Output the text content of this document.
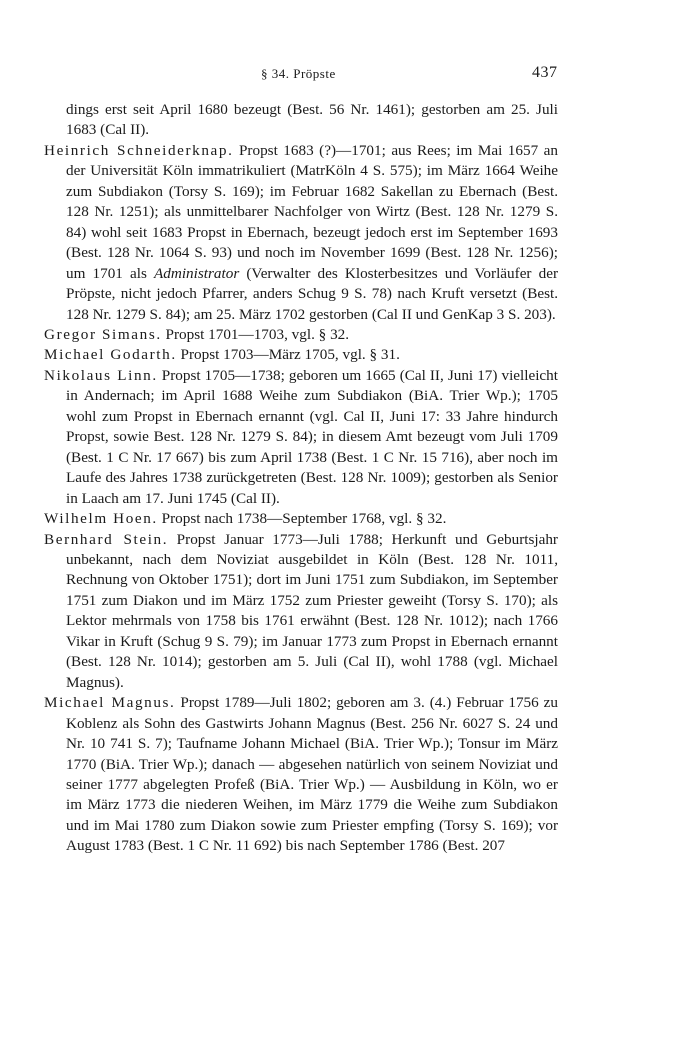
§ 34. Pröpste	437

dings erst seit April 1680 bezeugt (Best. 56 Nr. 1461); gestorben am 25. Juli 1683 (Cal II).

Heinrich Schneiderknap. Propst 1683 (?)—1701; aus Rees; im Mai 1657 an der Universität Köln immatrikuliert (MatrKöln 4 S. 575); im März 1664 Weihe zum Subdiakon (Torsy S. 169); im Februar 1682 Sakellan zu Ebernach (Best. 128 Nr. 1251); als unmittelbarer Nachfolger von Wirtz (Best. 128 Nr. 1279 S. 84) wohl seit 1683 Propst in Ebernach, bezeugt jedoch erst im September 1693 (Best. 128 Nr. 1064 S. 93) und noch im November 1699 (Best. 128 Nr. 1256); um 1701 als Administrator (Verwalter des Klosterbesitzes und Vorläufer der Pröpste, nicht jedoch Pfarrer, anders Schug 9 S. 78) nach Kruft versetzt (Best. 128 Nr. 1279 S. 84); am 25. März 1702 gestorben (Cal II und GenKap 3 S. 203).

Gregor Simans. Propst 1701—1703, vgl. § 32.

Michael Godarth. Propst 1703—März 1705, vgl. § 31.

Nikolaus Linn. Propst 1705—1738; geboren um 1665 (Cal II, Juni 17) vielleicht in Andernach; im April 1688 Weihe zum Subdiakon (BiA. Trier Wp.); 1705 wohl zum Propst in Ebernach ernannt (vgl. Cal II, Juni 17: 33 Jahre hindurch Propst, sowie Best. 128 Nr. 1279 S. 84); in diesem Amt bezeugt vom Juli 1709 (Best. 1 C Nr. 17 667) bis zum April 1738 (Best. 1 C Nr. 15 716), aber noch im Laufe des Jahres 1738 zurückgetreten (Best. 128 Nr. 1009); gestorben als Senior in Laach am 17. Juni 1745 (Cal II).

Wilhelm Hoen. Propst nach 1738—September 1768, vgl. § 32.

Bernhard Stein. Propst Januar 1773—Juli 1788; Herkunft und Geburtsjahr unbekannt, nach dem Noviziat ausgebildet in Köln (Best. 128 Nr. 1011, Rechnung von Oktober 1751); dort im Juni 1751 zum Subdiakon, im September 1751 zum Diakon und im März 1752 zum Priester geweiht (Torsy S. 170); als Lektor mehrmals von 1758 bis 1761 erwähnt (Best. 128 Nr. 1012); nach 1766 Vikar in Kruft (Schug 9 S. 79); im Januar 1773 zum Propst in Ebernach ernannt (Best. 128 Nr. 1014); gestorben am 5. Juli (Cal II), wohl 1788 (vgl. Michael Magnus).

Michael Magnus. Propst 1789—Juli 1802; geboren am 3. (4.) Februar 1756 zu Koblenz als Sohn des Gastwirts Johann Magnus (Best. 256 Nr. 6027 S. 24 und Nr. 10 741 S. 7); Taufname Johann Michael (BiA. Trier Wp.); Tonsur im März 1770 (BiA. Trier Wp.); danach — abgesehen natürlich von seinem Noviziat und seiner 1777 abgelegten Profeß (BiA. Trier Wp.) — Ausbildung in Köln, wo er im März 1773 die niederen Weihen, im März 1779 die Weihe zum Subdiakon und im Mai 1780 zum Diakon sowie zum Priester empfing (Torsy S. 169); vor August 1783 (Best. 1 C Nr. 11 692) bis nach September 1786 (Best. 207
